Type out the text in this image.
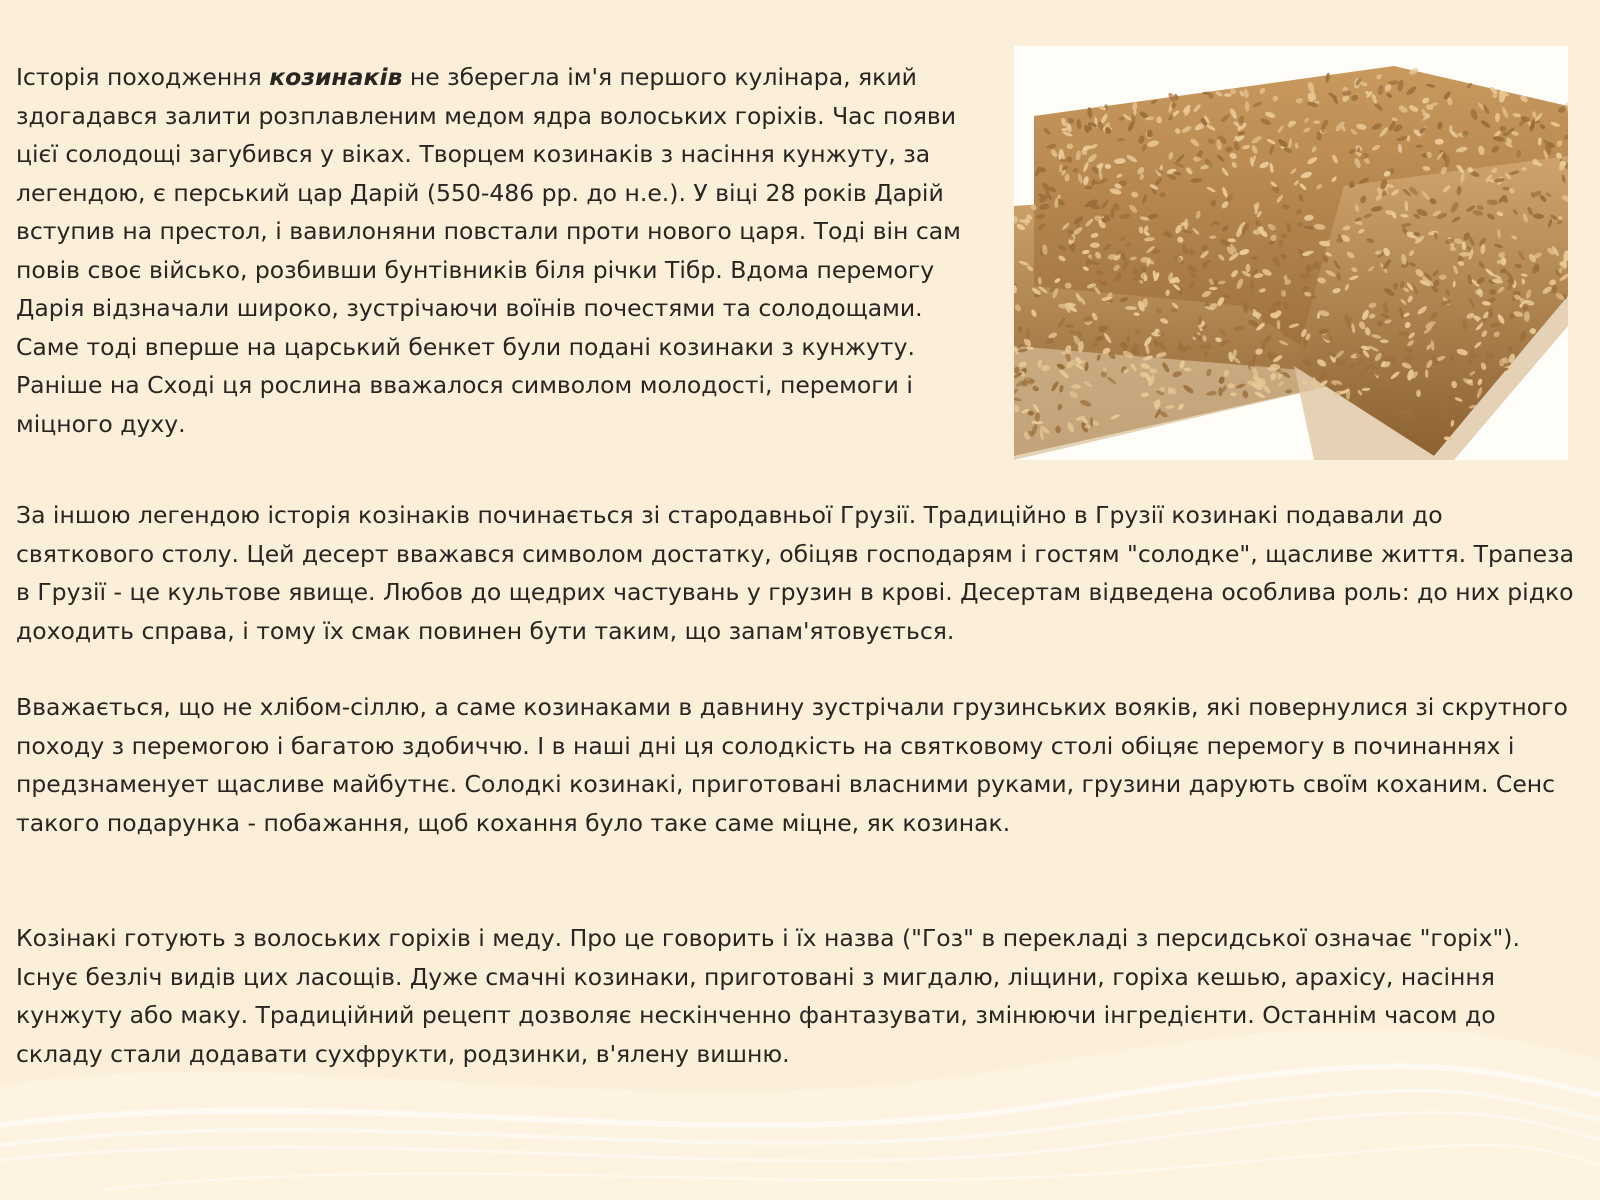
Історія походження козинаків не зберегла ім'я першого кулінара, який здогадався залити розплавленим медом ядра волоських горіхів. Час появи цієї солодощі загубився у віках. Творцем козинаків з насіння кунжуту, за легендою, є перський цар Дарій (550-486 рр. до н.е.). У віці 28 років Дарій вступив на престол, і вавилоняни повстали проти нового царя. Тоді він сам повів своє військо, розбивши бунтівників біля річки Тібр. Вдома перемогу Дарія відзначали широко, зустрічаючи воїнів почестями та солодощами. Саме тоді вперше на царський бенкет були подані козинаки з кунжуту. Раніше на Сході ця рослина вважалося символом молодості, перемоги і міцного духу.

За іншою легендою історія козінаків починається зі стародавньої Грузії. Традиційно в Грузії козинакі подавали до святкового столу. Цей десерт вважався символом достатку, обіцяв господарям і гостям "солодке", щасливе життя. Трапеза в Грузії - це культове явище. Любов до щедрих частувань у грузин в крові. Десертам відведена особлива роль: до них рідко доходить справа, і тому їх смак повинен бути таким, що запам'ятовується.

Вважається, що не хлібом-сіллю, а саме козинаками в давнину зустрічали грузинських вояків, які повернулися зі скрутного походу з перемогою і багатою здобиччю. І в наші дні ця солодкість на святковому столі обіцяє перемогу в починаннях і предзнаменует щасливе майбутнє. Солодкі козинакі, приготовані власними руками, грузини дарують своїм коханим. Сенс такого подарунка - побажання, щоб кохання було таке саме міцне, як козинак.

Козінакі готують з волоських горіхів і меду. Про це говорить і їх назва ("Гоз" в перекладі з персидської означає "горіх"). Існує безліч видів цих ласощів. Дуже смачні козинаки, приготовані з мигдалю, ліщини, горіха кешью, арахісу, насіння кунжуту або маку. Традиційний рецепт дозволяє нескінченно фантазувати, змінюючи інгредієнти. Останнім часом до складу стали додавати сухфрукти, родзинки, в'ялену вишню.
